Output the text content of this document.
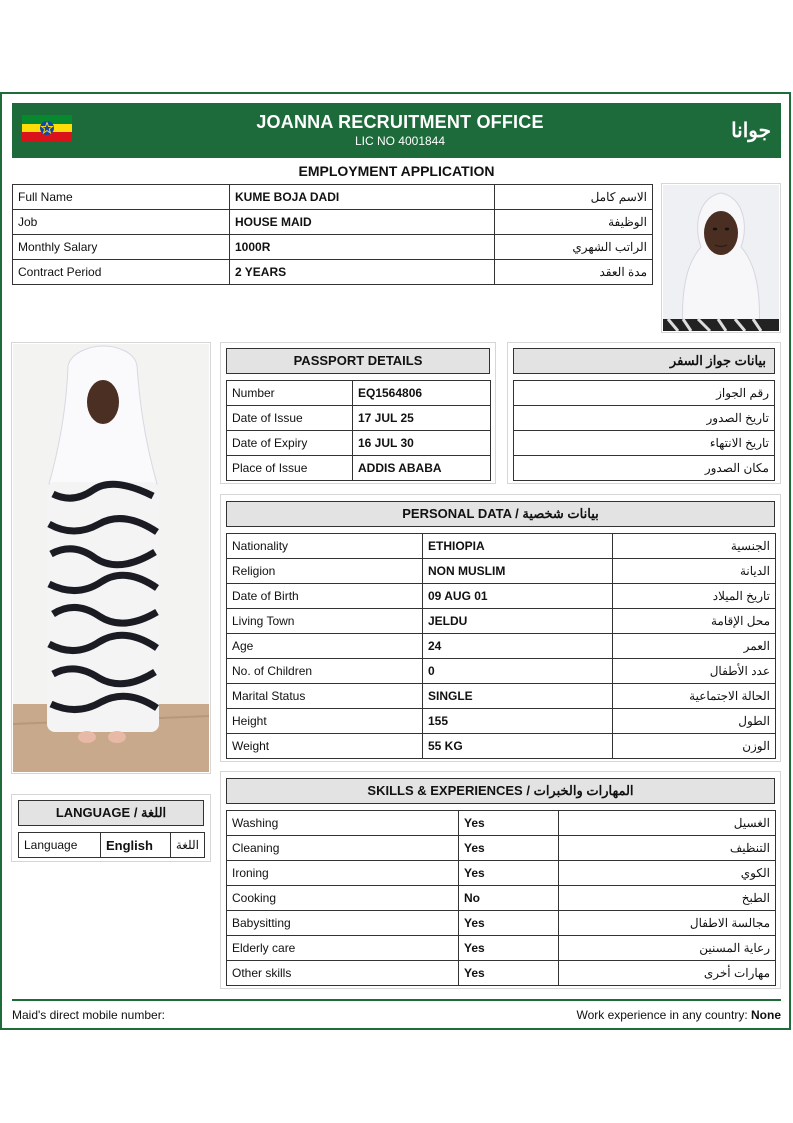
JOANNA RECRUITMENT OFFICE
LIC NO 4001844	جوانا
EMPLOYMENT APPLICATION
Full Name	KUME BOJA DADI	الاسم كامل
Job	HOUSE MAID	الوظيفة
Monthly Salary	1000R	الراتب الشهري
Contract Period	2 YEARS	مدة العقد
PASSPORT DETAILS
Number	EQ1564806
Date of Issue	17 JUL 25
Date of Expiry	16 JUL 30
Place of Issue	ADDIS ABABA
بيانات جواز السفر
رقم الجواز
تاريخ الصدور
تاريخ الانتهاء
مكان الصدور
PERSONAL DATA / بيانات شخصية
Nationality	ETHIOPIA	الجنسية
Religion	NON MUSLIM	الديانة
Date of Birth	09 AUG 01	تاريخ الميلاد
Living Town	JELDU	محل الإقامة
Age	24	العمر
No. of Children	0	عدد الأطفال
Marital Status	SINGLE	الحالة الاجتماعية
Height	155	الطول
Weight	55 KG	الوزن
LANGUAGE / اللغة
Language	English	اللغة
SKILLS & EXPERIENCES / المهارات والخبرات
Washing	Yes	الغسيل
Cleaning	Yes	التنظيف
Ironing	Yes	الكوي
Cooking	No	الطبخ
Babysitting	Yes	مجالسة الاطفال
Elderly care	Yes	رعاية المسنين
Other skills	Yes	مهارات أخرى
Maid's direct mobile number:	Work experience in any country: None
